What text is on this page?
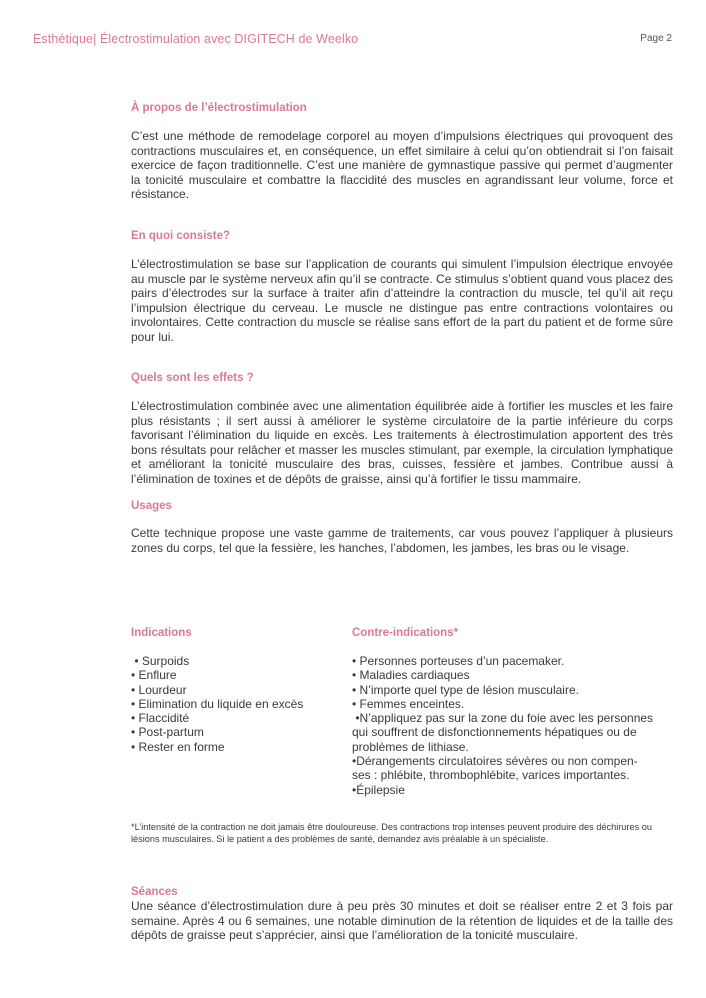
Esthétique| Électrostimulation avec DIGITECH de Weelko	Page 2
À propos de l’électrostimulation

C’est une méthode de remodelage corporel au moyen d’impulsions électriques qui provoquent des contractions musculaires et, en conséquence, un effet similaire à celui qu’on obtiendrait si l’on faisait exercice de façon traditionnelle. C’est une manière de gymnastique passive qui permet d’augmenter la tonicité musculaire et combattre la flaccidité des muscles en agrandissant leur volume, force et résistance.

En quoi consiste?

L’électrostimulation se base sur l’application de courants qui simulent l’impulsion électrique envoyée au muscle par le système nerveux afin qu’il se contracte. Ce stimulus s’obtient quand vous placez des pairs d’électrodes sur la surface à traiter afin d’atteindre la contraction du muscle, tel qu’il ait reçu l’impulsion électrique du cerveau. Le muscle ne distingue pas entre contractions volontaires ou involontaires. Cette contraction du muscle se réalise sans effort de la part du patient et de forme sûre pour lui.

Quels sont les effets ?

L’électrostimulation combinée avec une alimentation équilibrée aide à fortifier les muscles et les faire plus résistants ; il sert aussi à améliorer le système circulatoire de la partie inférieure du corps favorisant l’élimination du liquide en excès. Les traitements à électrostimulation apportent des très bons résultats pour relâcher et masser les muscles stimulant, par exemple, la circulation lymphatique et améliorant la tonicité musculaire des bras, cuisses, fessière et jambes. Contribue aussi à l’élimination de toxines et de dépôts de graisse, ainsi qu’à fortifier le tissu mammaire.

Usages

Cette technique propose une vaste gamme de traitements, car vous pouvez l’appliquer à plusieurs zones du corps, tel que la fessière, les hanches, l’abdomen, les jambes, les bras ou le visage.

Indications
• Surpoids
• Enflure
• Lourdeur
• Elimination du liquide en excès
• Flaccidité
• Post-partum
• Rester en forme
Contre-indications*
• Personnes porteuses d’un pacemaker.
• Maladies cardiaques
• N’importe quel type de lésion musculaire.
• Femmes enceintes.
•N’appliquez pas sur la zone du foie avec les personnes
qui souffrent de disfonctionnements hépatiques ou de
problèmes de lithiase.
•Dérangements circulatoires sévères ou non compen-
ses : phlébite, thrombophlébite, varices importantes.
•Épilepsie

*L’intensité de la contraction ne doit jamais être douloureuse. Des contractions trop intenses peuvent produire des déchirures ou lésions musculaires. Si le patient a des problèmes de santé, demandez avis préalable à un spécialiste.

Séances

Une séance d’électrostimulation dure à peu près 30 minutes et doit se réaliser entre 2 et 3 fois par semaine. Après 4 ou 6 semaines, une notable diminution de la rétention de liquides et de la taille des dépôts de graisse peut s’apprécier, ainsi que l’amélioration de la tonicité musculaire.
